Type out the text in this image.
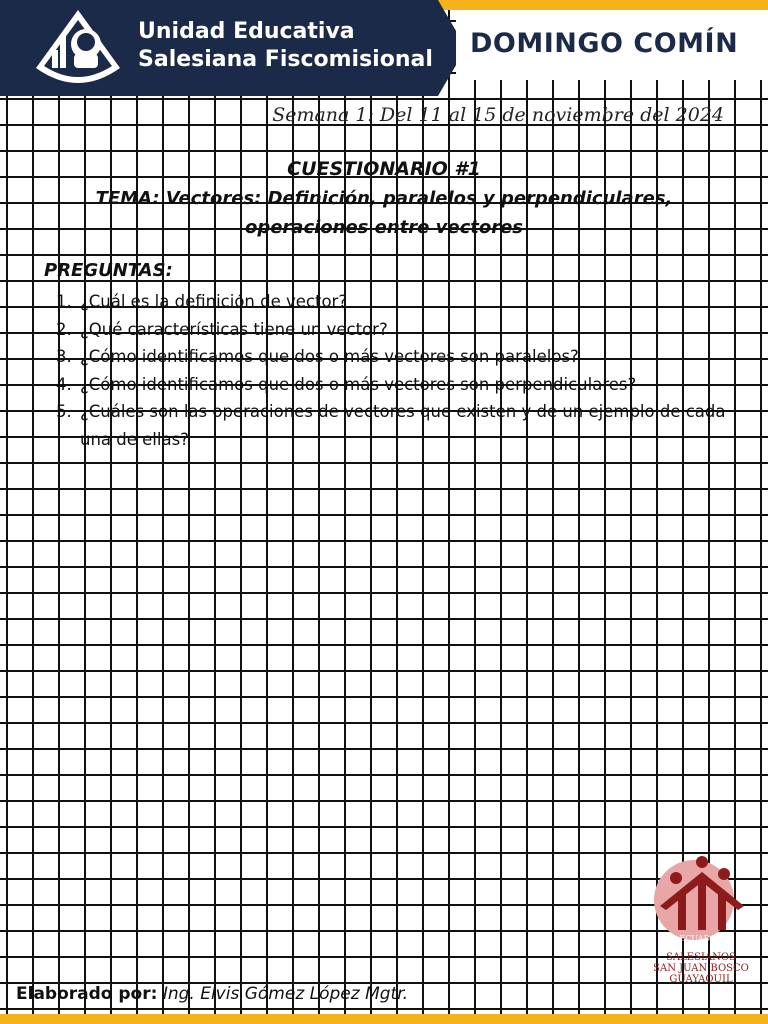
Unidad Educativa
Salesiana Fiscomisional
DOMINGO COMÍN
Semana 1: Del 11 al 15 de noviembre del 2024
CUESTIONARIO #1
TEMA: Vectores: Definición, paralelos y perpendiculares, operaciones entre vectores
PREGUNTAS:
1. ¿Cuál es la definición de vector?
2. ¿Qué características tiene un vector?
3. ¿Cómo identificamos que dos o más vectores son paralelos?
4. ¿Cómo identificamos que dos o más vectores son perpendiculares?
5. ¿Cuáles son las operaciones de vectores que existen y de un ejemplo de cada una de ellas?
ECUADOR
SALESIANOS
SAN JUAN BOSCO
GUAYAQUIL
Elaborado por: Ing. Elvis Gómez López Mgtr.
